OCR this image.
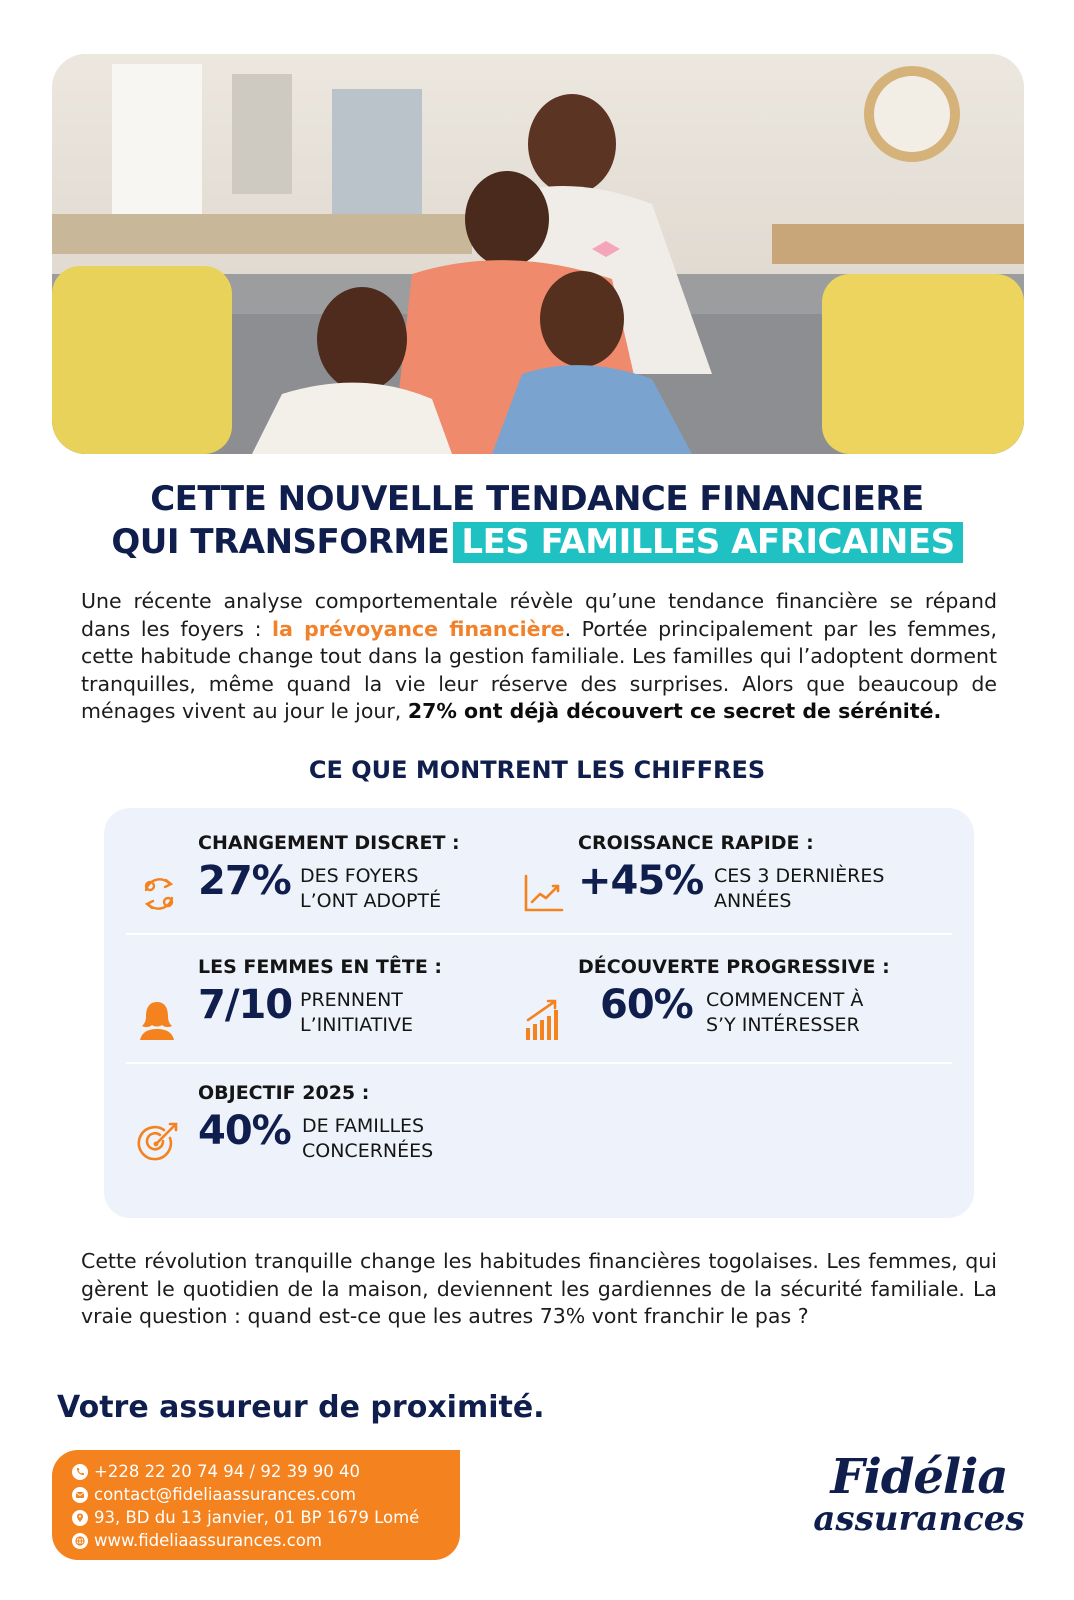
CETTE NOUVELLE TENDANCE FINANCIERE
QUI TRANSFORME LES FAMILLES AFRICAINES

Une récente analyse comportementale révèle qu’une tendance financière se répand dans les foyers : la prévoyance financière. Portée principalement par les femmes, cette habitude change tout dans la gestion familiale. Les familles qui l’adoptent dorment tranquilles, même quand la vie leur réserve des surprises. Alors que beaucoup de ménages vivent au jour le jour, 27% ont déjà découvert ce secret de sérénité.

CE QUE MONTRENT LES CHIFFRES
CHANGEMENT DISCRET :
27% DES FOYERS
L’ONT ADOPTÉ
CROISSANCE RAPIDE :
+45% CES 3 DERNIÈRES
ANNÉES
LES FEMMES EN TÊTE :
7/10 PRENNENT
L’INITIATIVE
DÉCOUVERTE PROGRESSIVE :
60% COMMENCENT À
S’Y INTÉRESSER
OBJECTIF 2025 :
40% DE FAMILLES
CONCERNÉES

Cette révolution tranquille change les habitudes financières togolaises. Les femmes, qui gèrent le quotidien de la maison, deviennent les gardiennes de la sécurité familiale. La vraie question : quand est-ce que les autres 73% vont franchir le pas ?

Votre assureur de proximité.
+228 22 20 74 94 / 92 39 90 40
contact@fideliaassurances.com
93, BD du 13 janvier, 01 BP 1679 Lomé
www.fideliaassurances.com
Fidélia
assurances
